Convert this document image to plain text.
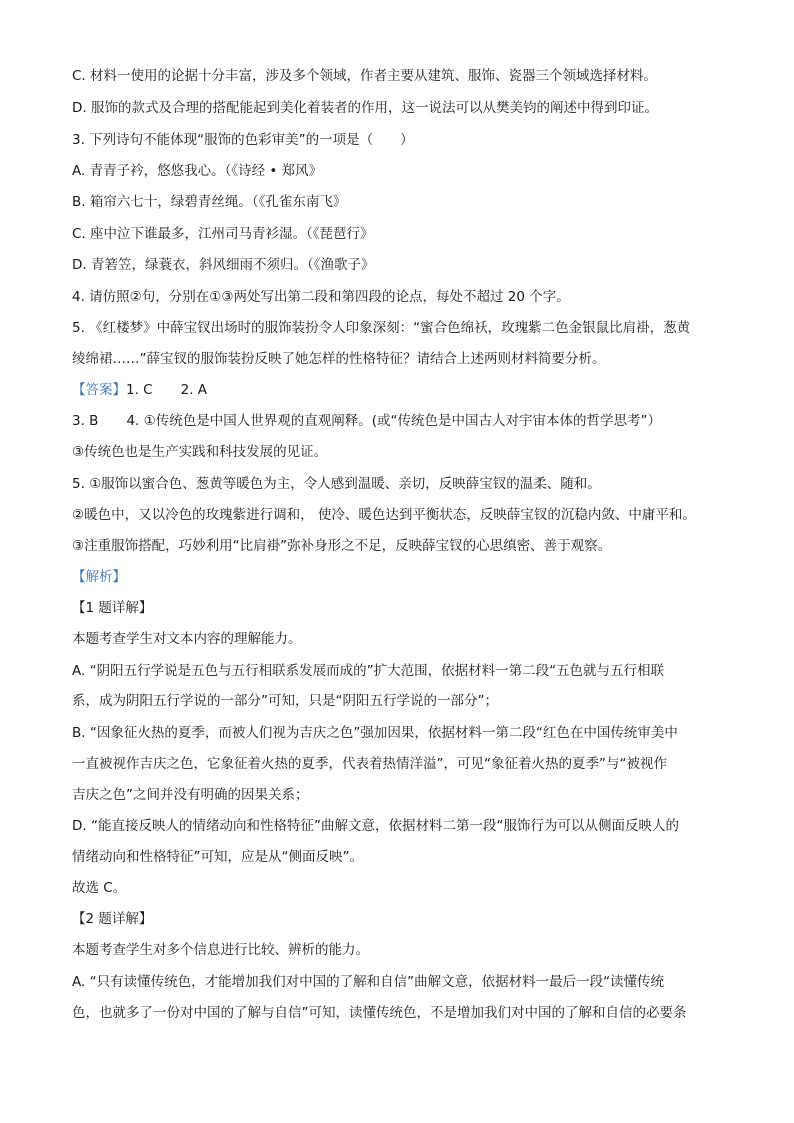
C. 材料一使用的论据十分丰富，涉及多个领域，作者主要从建筑、服饰、瓷器三个领域选择材料。

D. 服饰的款式及合理的搭配能起到美化着装者的作用，这一说法可以从樊美钧的阐述中得到印证。

3. 下列诗句不能体现“服饰的色彩审美”的一项是（　　）

A. 青青子衿，悠悠我心。（《诗经 • 郑风》

B. 箱帘六七十，绿碧青丝绳。（《孔雀东南飞》

C. 座中泣下谁最多，江州司马青衫湿。（《琵琶行》

D. 青箬笠，绿蓑衣，斜风细雨不须归。（《渔歌子》

4. 请仿照②句，分别在①③两处写出第二段和第四段的论点，每处不超过 20 个字。

5. 《红楼梦》中薛宝钗出场时的服饰装扮令人印象深刻：“蜜合色绵袄，玫瑰紫二色金银鼠比肩褂，葱黄

绫绵裙……”薛宝钗的服饰装扮反映了她怎样的性格特征？请结合上述两则材料简要分析。

【答案】1. C 2. A

3. B 4. ①传统色是中国人世界观的直观阐释。(或“传统色是中国古人对宇宙本体的哲学思考”）

③传统色也是生产实践和科技发展的见证。

5. ①服饰以蜜合色、葱黄等暖色为主，令人感到温暖、亲切，反映薛宝钗的温柔、随和。

②暖色中，又以冷色的玫瑰紫进行调和， 使冷、暖色达到平衡状态，反映薛宝钗的沉稳内敛、中庸平和。

③注重服饰搭配，巧妙利用“比肩褂”弥补身形之不足，反映薛宝钗的心思缜密、善于观察。

【解析】

【1 题详解】

本题考查学生对文本内容的理解能力。

A. “阴阳五行学说是五色与五行相联系发展而成的”扩大范围，依据材料一第二段“五色就与五行相联

系，成为阴阳五行学说的一部分”可知，只是“阴阳五行学说的一部分”；

B. “因象征火热的夏季，而被人们视为吉庆之色”强加因果，依据材料一第二段“红色在中国传统审美中

一直被视作吉庆之色，它象征着火热的夏季，代表着热情洋溢”，可见“象征着火热的夏季”与“被视作

吉庆之色”之间并没有明确的因果关系；

D. “能直接反映人的情绪动向和性格特征”曲解文意，依据材料二第一段“服饰行为可以从侧面反映人的

情绪动向和性格特征”可知，应是从“侧面反映”。

故选 C。

【2 题详解】

本题考查学生对多个信息进行比较、辨析的能力。

A. “只有读懂传统色，才能增加我们对中国的了解和自信”曲解文意，依据材料一最后一段“读懂传统

色，也就多了一份对中国的了解与自信”可知，读懂传统色，不是增加我们对中国的了解和自信的必要条
